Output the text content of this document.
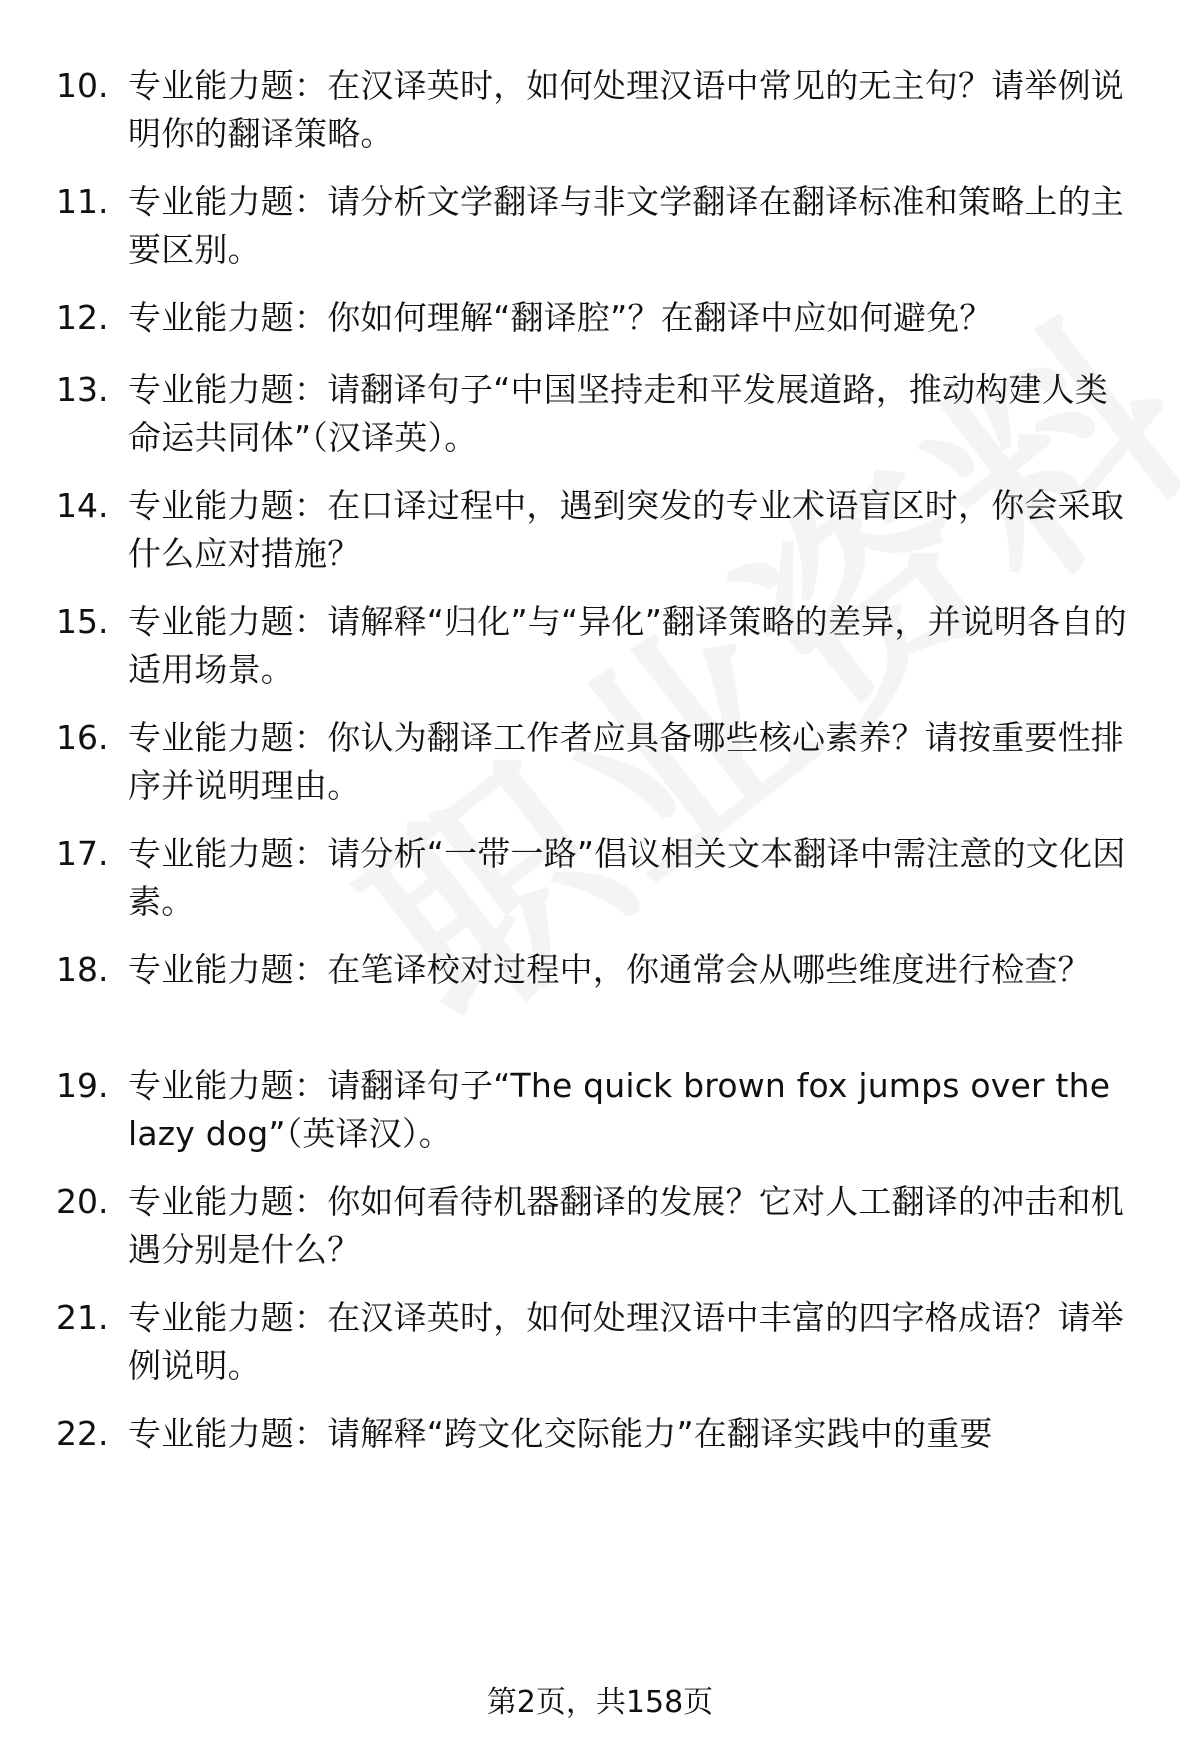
10. 专业能力题：在汉译英时，如何处理汉语中常见的无主句？请举例说明你的翻译策略。
11. 专业能力题：请分析文学翻译与非文学翻译在翻译标准和策略上的主要区别。
12. 专业能力题：你如何理解“翻译腔”？在翻译中应如何避免？
13. 专业能力题：请翻译句子“中国坚持走和平发展道路，推动构建人类命运共同体”（汉译英）。
14. 专业能力题：在口译过程中，遇到突发的专业术语盲区时，你会采取什么应对措施？
15. 专业能力题：请解释“归化”与“异化”翻译策略的差异，并说明各自的适用场景。
16. 专业能力题：你认为翻译工作者应具备哪些核心素养？请按重要性排序并说明理由。
17. 专业能力题：请分析“一带一路”倡议相关文本翻译中需注意的文化因素。
18. 专业能力题：在笔译校对过程中，你通常会从哪些维度进行检查？
19. 专业能力题：请翻译句子“The quick brown fox jumps over the lazy dog”（英译汉）。
20. 专业能力题：你如何看待机器翻译的发展？它对人工翻译的冲击和机遇分别是什么？
21. 专业能力题：在汉译英时，如何处理汉语中丰富的四字格成语？请举例说明。
22. 专业能力题：请解释“跨文化交际能力”在翻译实践中的重要
第2页，共158页
